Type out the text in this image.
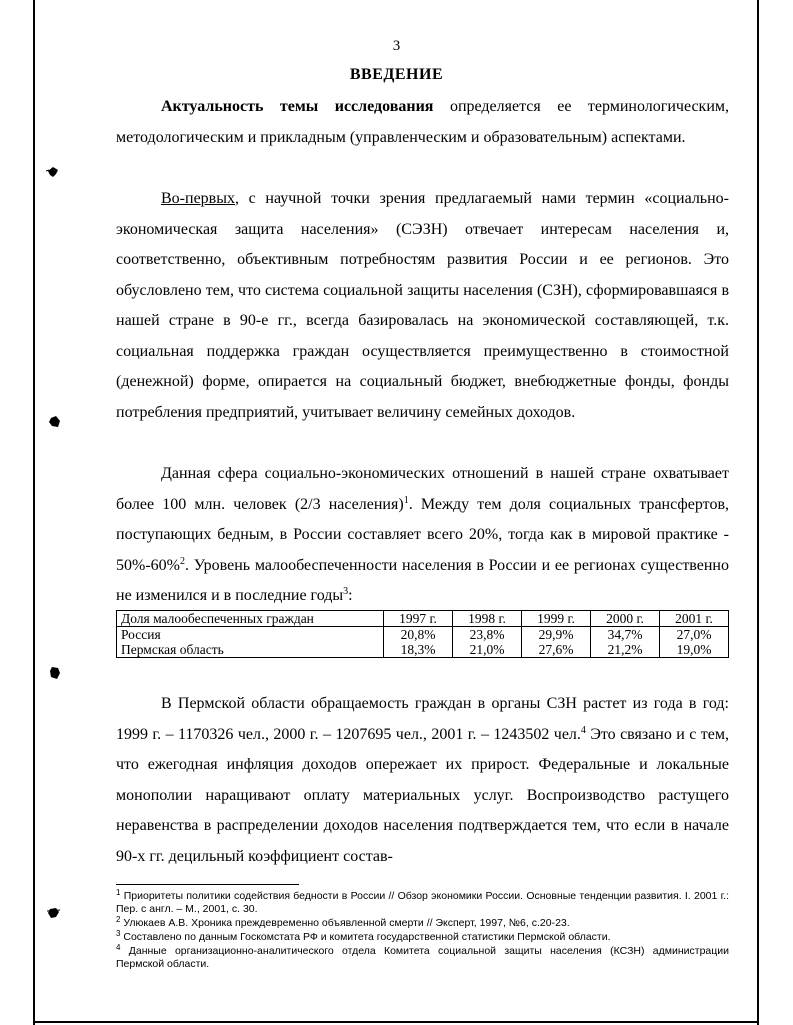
3
ВВЕДЕНИЕ

Актуальность темы исследования определяется ее терминологическим, методологическим и прикладным (управленческим и образовательным) аспектами.

Во-первых, с научной точки зрения предлагаемый нами термин «социально-экономическая защита населения» (СЭЗН) отвечает интересам населения и, соответственно, объективным потребностям развития России и ее регионов. Это обусловлено тем, что система социальной защиты населения (СЗН), сформировавшаяся в нашей стране в 90-е гг., всегда базировалась на экономической составляющей, т.к. социальная поддержка граждан осуществляется преимущественно в стоимостной (денежной) форме, опирается на социальный бюджет, внебюджетные фонды, фонды потребления предприятий, учитывает величину семейных доходов.

Данная сфера социально-экономических отношений в нашей стране охватывает более 100 млн. человек (2/3 населения)$^1$. Между тем доля социальных трансфертов, поступающих бедным, в России составляет всего 20%, тогда как в мировой практике - 50%-60%$^2$. Уровень малообеспеченности населения в России и ее регионах существенно не изменился и в последние годы$^3$:

Доля малообеспеченных граждан	1997 г.	1998 г.	1999 г.	2000 г.	2001 г.
Россия	20,8%	23,8%	29,9%	34,7%	27,0%
Пермская область	18,3%	21,0%	27,6%	21,2%	19,0%

В Пермской области обращаемость граждан в органы СЗН растет из года в год: 1999 г. – 1170326 чел., 2000 г. – 1207695 чел., 2001 г. – 1243502 чел.$^4$ Это связано и с тем, что ежегодная инфляция доходов опережает их прирост. Федеральные и локальные монополии наращивают оплату материальных услуг. Воспроизводство растущего неравенства в распределении доходов населения подтверждается тем, что если в начале 90-х гг. децильный коэффициент состав-

$^1$ Приоритеты политики содействия бедности в России // Обзор экономики России. Основные тенденции развития. I. 2001 г.: Пер. с англ. – М., 2001, с. 30.

$^2$ Улюкаев А.В. Хроника преждевременно объявленной смерти // Эксперт, 1997, №6, с.20-23.

$^3$ Составлено по данным Госкомстата РФ и комитета государственной статистики Пермской области.

$^4$ Данные организационно-аналитического отдела Комитета социальной защиты населения (КСЗН) администрации Пермской области.
